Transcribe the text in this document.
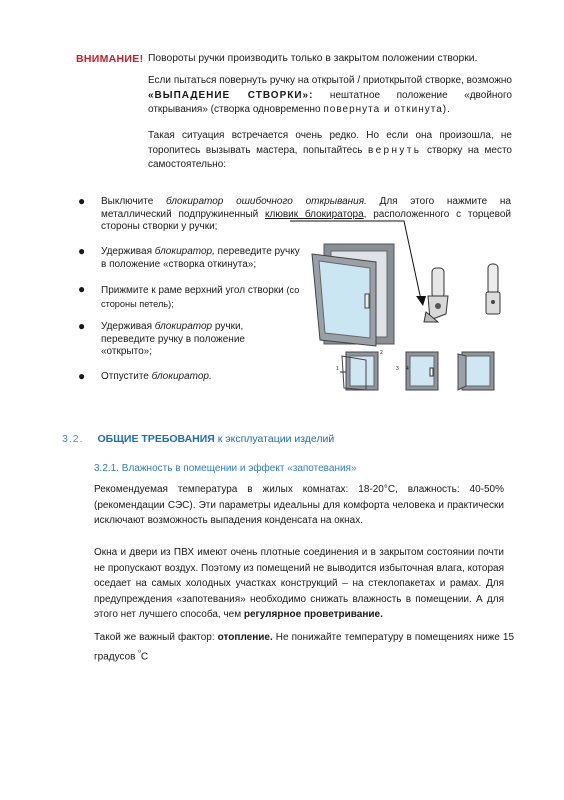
ВНИМАНИЕ! Повороты ручки производить только в закрытом положении створки.
Если пытаться повернуть ручку на открытой / приоткрытой створке, возможно «ВЫПАДЕНИЕ СТВОРКИ»: нештатное положение «двойного открывания» (створка одновременно повернута и откинута).
Такая ситуация встречается очень редко. Но если она произошла, не торопитесь вызывать мастера, попытайтесь вернуть створку на место самостоятельно:
● Выключите блокиратор ошибочного открывания. Для этого нажмите на металлический подпружиненный клювик блокиратора, расположенного с торцевой стороны створки у ручки;
● Удерживая блокиратор, переведите ручку в положение «створка откинута»;
● Прижмите к раме верхний угол створки (со стороны петель);
● Удерживая блокиратор ручки, переведите ручку в положение «открыто»;
● Отпустите блокиратор.
1
2
3 4
3.2. ОБЩИЕ ТРЕБОВАНИЯ к эксплуатации изделий
3.2.1. Влажность в помещении и эффект «запотевания»
Рекомендуемая температура в жилых комнатах: 18-20°С, влажность: 40-50% (рекомендации СЭС). Эти параметры идеальны для комфорта человека и практически исключают возможность выпадения конденсата на окнах.
Окна и двери из ПВХ имеют очень плотные соединения и в закрытом состоянии почти не пропускают воздух. Поэтому из помещений не выводится избыточная влага, которая оседает на самых холодных участках конструкций – на стеклопакетах и рамах. Для предупреждения «запотевания» необходимо снижать влажность в помещении. А для этого нет лучшего способа, чем регулярное проветривание.
Такой же важный фактор: отопление. Не понижайте температуру в помещениях ниже 15 градусов $^º$С
